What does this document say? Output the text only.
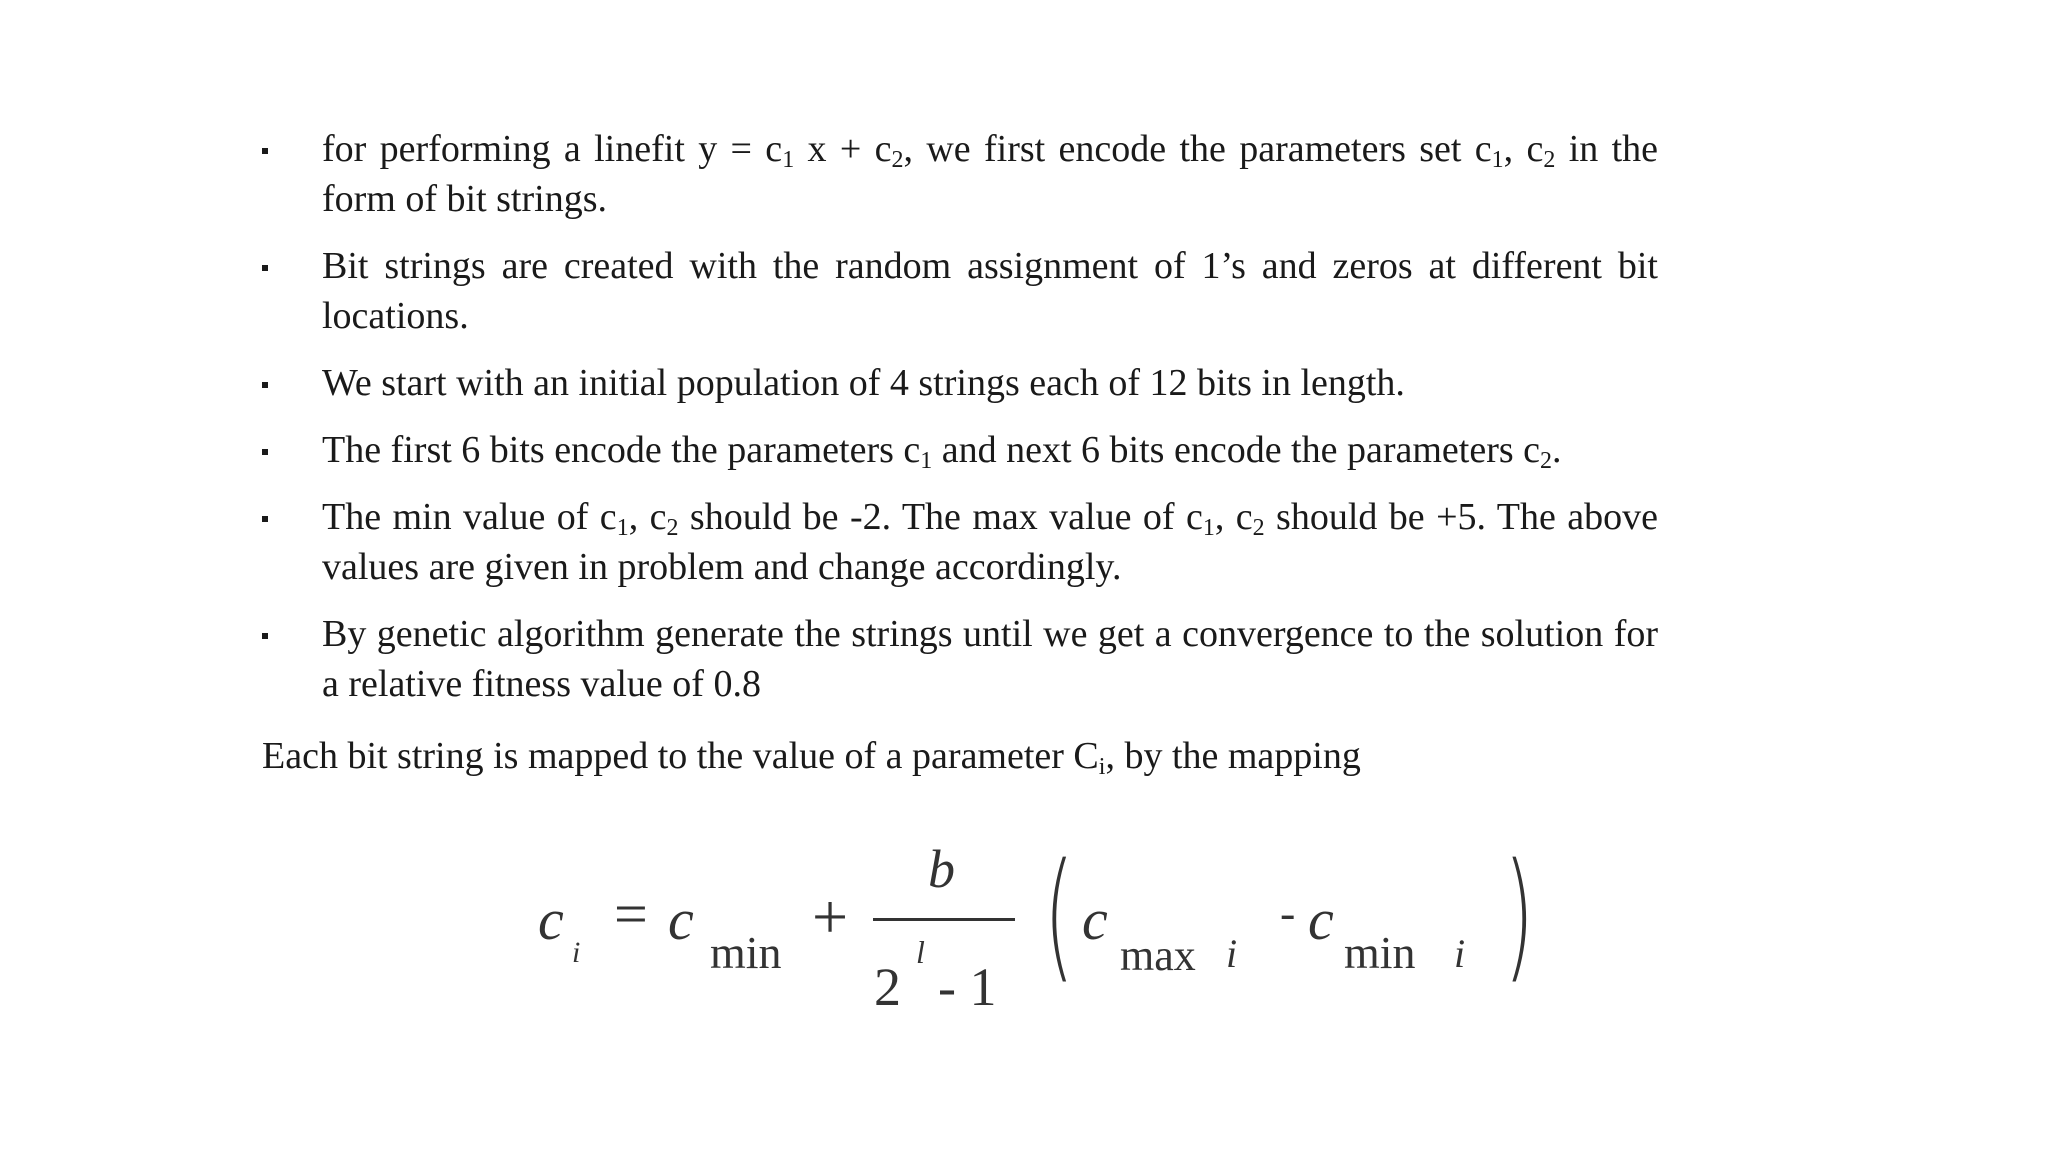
for performing a linefit $y = c_1$ $x + c_2$, we first encode the parameters set $c_1$, $c_2$ in the form of bit strings.
Bit strings are created with the random assignment of 1’s and zeros at different bit locations.
We start with an initial population of 4 strings each of 12 bits in length.
The first 6 bits encode the parameters $c_1$ and next 6 bits encode the parameters $c_2$.
The min value of $c_1$, $c_2$ should be -2. The max value of $c_1$, $c_2$ should be +5. The above values are given in problem and change accordingly.
By genetic algorithm generate the strings until we get a convergence to the solution for a relative fitness value of 0.8
Each bit string is mapped to the value of a parameter $C_i$, by the mapping
c
i
= c
min
+
b
2
l
- 1 ( c
max i
- c
min i )
